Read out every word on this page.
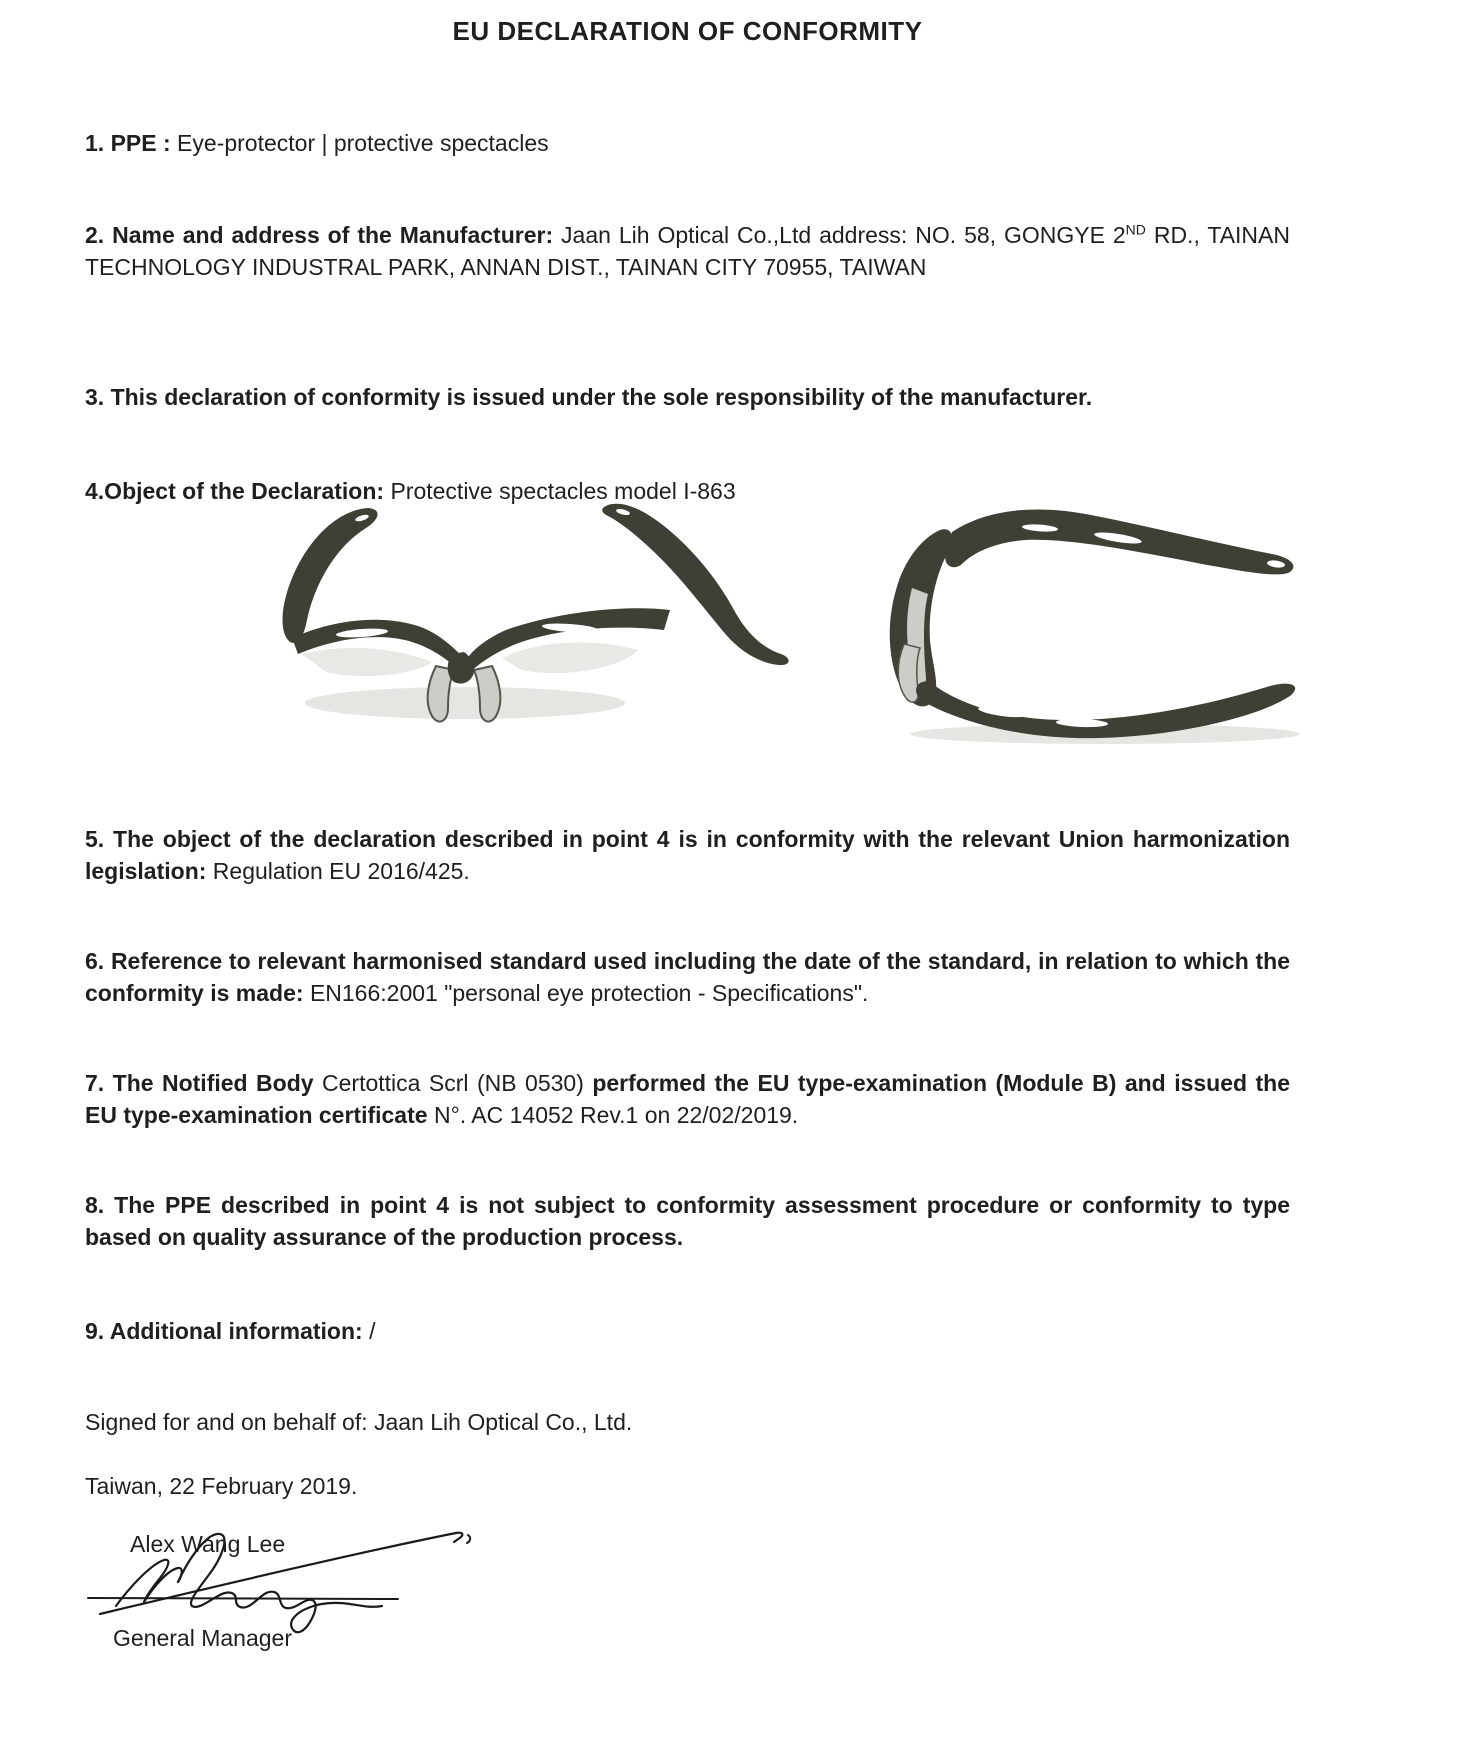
EU DECLARATION OF CONFORMITY

1. PPE : Eye-protector | protective spectacles

2. Name and address of the Manufacturer: Jaan Lih Optical Co.,Ltd address: NO. 58, GONGYE 2ND RD., TAINAN TECHNOLOGY INDUSTRAL PARK, ANNAN DIST., TAINAN CITY 70955, TAIWAN

3. This declaration of conformity is issued under the sole responsibility of the manufacturer.

4.Object of the Declaration: Protective spectacles model I-863

5. The object of the declaration described in point 4 is in conformity with the relevant Union harmonization legislation: Regulation EU 2016/425.

6. Reference to relevant harmonised standard used including the date of the standard, in relation to which the conformity is made: EN166:2001 "personal eye protection - Specifications".

7. The Notified Body Certottica Scrl (NB 0530) performed the EU type-examination (Module B) and issued the EU type-examination certificate N°. AC 14052 Rev.1 on 22/02/2019.

8. The PPE described in point 4 is not subject to conformity assessment procedure or conformity to type based on quality assurance of the production process.

9. Additional information: /

Signed for and on behalf of: Jaan Lih Optical Co., Ltd.

Taiwan, 22 February 2019.

Alex Wang Lee

General Manager
